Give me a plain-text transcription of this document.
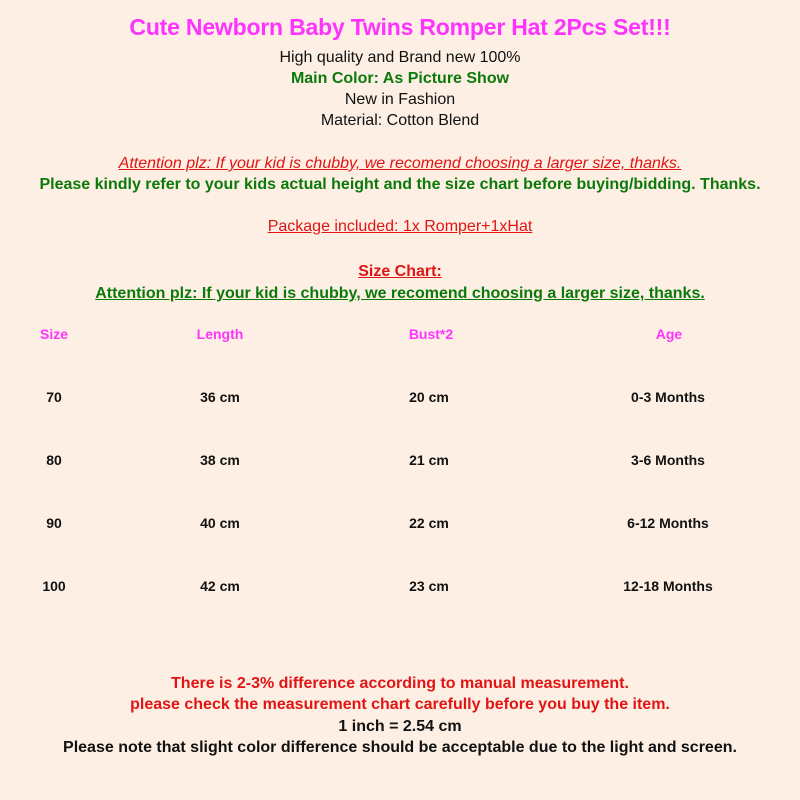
Cute Newborn Baby Twins Romper Hat 2Pcs Set!!!
High quality and Brand new 100%
Main Color: As Picture Show
New in Fashion
Material: Cotton Blend
Attention plz: If your kid is chubby, we recomend choosing a larger size, thanks.
Please kindly refer to your kids actual height and the size chart before buying/bidding. Thanks.
Package included: 1x Romper+1xHat
Size Chart:
Attention plz: If your kid is chubby, we recomend choosing a larger size, thanks.
Size	Length	Bust*2	Age
70	36 cm	20 cm	0-3 Months
80	38 cm	21 cm	3-6 Months
90	40 cm	22 cm	6-12 Months
100	42 cm	23 cm	12-18 Months
There is 2-3% difference according to manual measurement.
please check the measurement chart carefully before you buy the item.
1 inch = 2.54 cm
Please note that slight color difference should be acceptable due to the light and screen.
